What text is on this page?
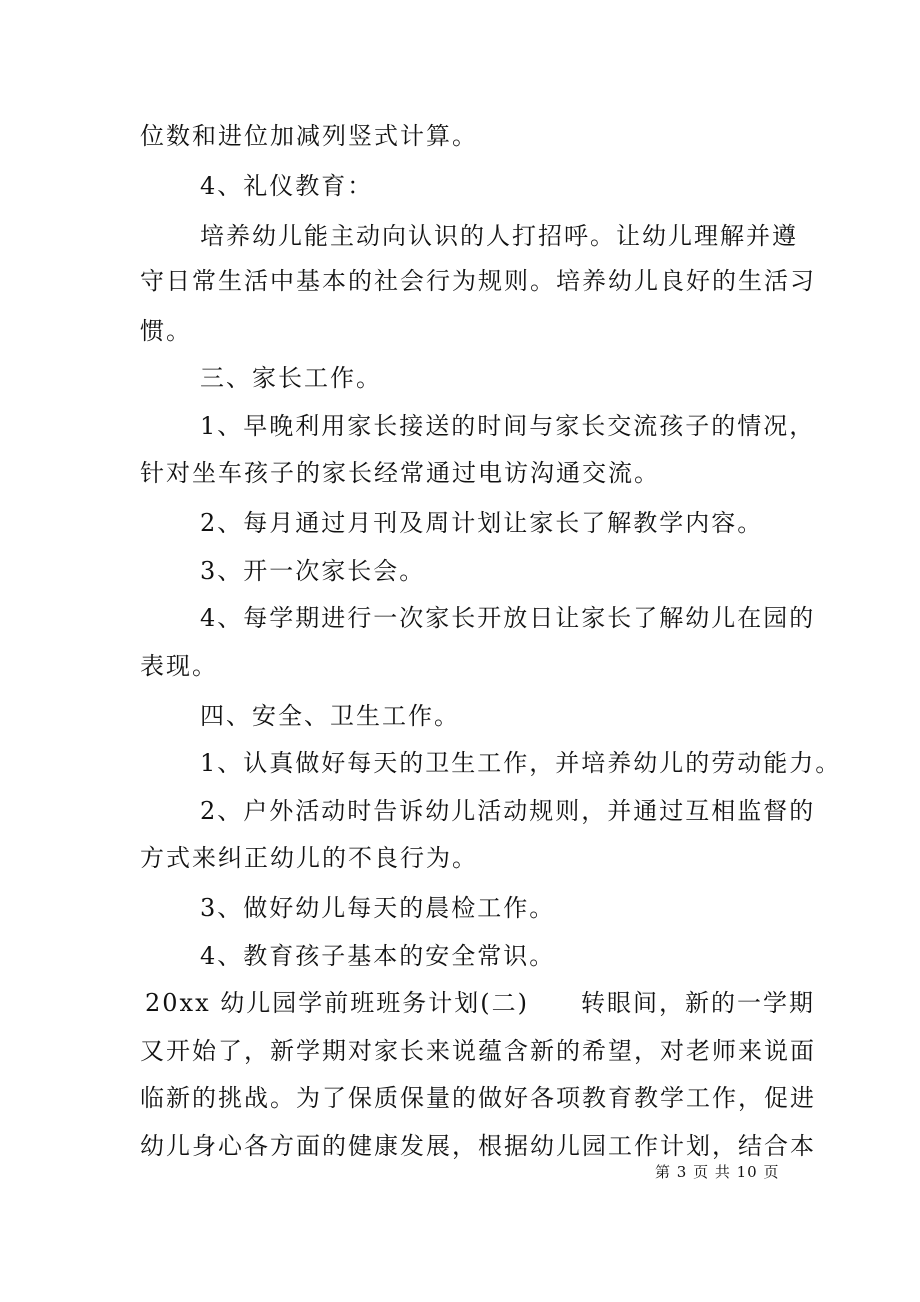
位数和进位加减列竖式计算。
4、礼仪教育：
培养幼儿能主动向认识的人打招呼。让幼儿理解并遵
守日常生活中基本的社会行为规则。培养幼儿良好的生活习
惯。
三、家长工作。
1、早晚利用家长接送的时间与家长交流孩子的情况，
针对坐车孩子的家长经常通过电访沟通交流。
2、每月通过月刊及周计划让家长了解教学内容。
3、开一次家长会。
4、每学期进行一次家长开放日让家长了解幼儿在园的
表现。
四、安全、卫生工作。
1、认真做好每天的卫生工作，并培养幼儿的劳动能力。
2、户外活动时告诉幼儿活动规则，并通过互相监督的
方式来纠正幼儿的不良行为。
3、做好幼儿每天的晨检工作。
4、教育孩子基本的安全常识。
20xx 幼儿园学前班班务计划(二)　　转眼间，新的一学期
又开始了，新学期对家长来说蕴含新的希望，对老师来说面
临新的挑战。为了保质保量的做好各项教育教学工作，促进
幼儿身心各方面的健康发展，根据幼儿园工作计划，结合本
第 3 页 共 10 页
